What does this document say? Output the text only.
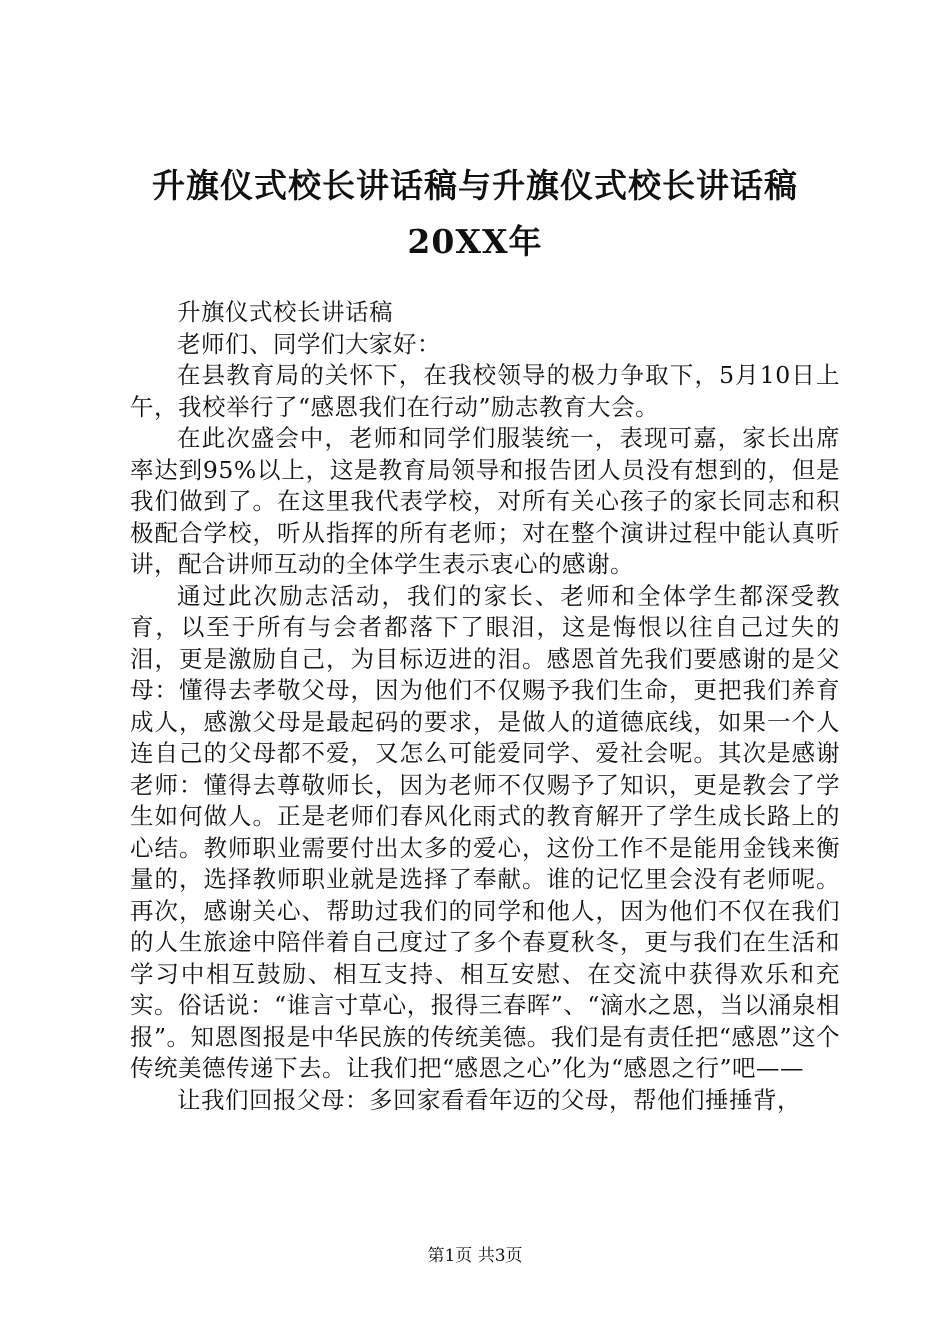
升旗仪式校长讲话稿与升旗仪式校长讲话稿
20XX年

升旗仪式校长讲话稿

老师们、同学们大家好：

在县教育局的关怀下，在我校领导的极力争取下，5月10日上午，我校举行了“感恩我们在行动”励志教育大会。

在此次盛会中，老师和同学们服装统一，表现可嘉，家长出席率达到95%以上，这是教育局领导和报告团人员没有想到的，但是我们做到了。在这里我代表学校，对所有关心孩子的家长同志和积极配合学校，听从指挥的所有老师；对在整个演讲过程中能认真听讲，配合讲师互动的全体学生表示衷心的感谢。

通过此次励志活动，我们的家长、老师和全体学生都深受教育，以至于所有与会者都落下了眼泪，这是悔恨以往自己过失的泪，更是激励自己，为目标迈进的泪。感恩首先我们要感谢的是父母：懂得去孝敬父母，因为他们不仅赐予我们生命，更把我们养育成人，感激父母是最起码的要求，是做人的道德底线，如果一个人连自己的父母都不爱，又怎么可能爱同学、爱社会呢。其次是感谢老师：懂得去尊敬师长，因为老师不仅赐予了知识，更是教会了学生如何做人。正是老师们春风化雨式的教育解开了学生成长路上的心结。教师职业需要付出太多的爱心，这份工作不是能用金钱来衡量的，选择教师职业就是选择了奉献。谁的记忆里会没有老师呢。再次，感谢关心、帮助过我们的同学和他人，因为他们不仅在我们的人生旅途中陪伴着自己度过了多个春夏秋冬，更与我们在生活和学习中相互鼓励、相互支持、相互安慰、在交流中获得欢乐和充实。俗话说：“谁言寸草心，报得三春晖”、“滴水之恩，当以涌泉相报”。知恩图报是中华民族的传统美德。我们是有责任把“感恩”这个传统美德传递下去。让我们把“感恩之心”化为“感恩之行”吧——

让我们回报父母：多回家看看年迈的父母，帮他们捶捶背，

第1页 共3页
